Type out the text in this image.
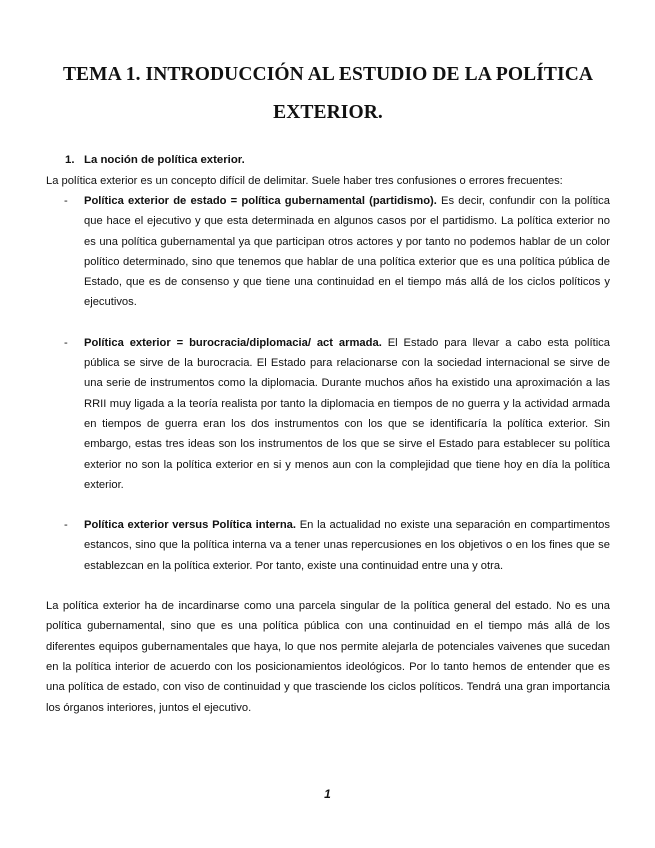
TEMA 1. INTRODUCCIÓN AL ESTUDIO DE LA POLÍTICA EXTERIOR.
1. La noción de política exterior.

La política exterior es un concepto difícil de delimitar. Suele haber tres confusiones o errores frecuentes:

- Política exterior de estado = política gubernamental (partidismo). Es decir, confundir con la política que hace el ejecutivo y que esta determinada en algunos casos por el partidismo. La política exterior no es una política gubernamental ya que participan otros actores y por tanto no podemos hablar de un color político determinado, sino que tenemos que hablar de una política exterior que es una política pública de Estado, que es de consenso y que tiene una continuidad en el tiempo más allá de los ciclos políticos y ejecutivos.
- Política exterior = burocracia/diplomacia/ act armada. El Estado para llevar a cabo esta política pública se sirve de la burocracia. El Estado para relacionarse con la sociedad internacional se sirve de una serie de instrumentos como la diplomacia. Durante muchos años ha existido una aproximación a las RRII muy ligada a la teoría realista por tanto la diplomacia en tiempos de no guerra y la actividad armada en tiempos de guerra eran los dos instrumentos con los que se identificaría la política exterior. Sin embargo, estas tres ideas son los instrumentos de los que se sirve el Estado para establecer su política exterior no son la política exterior en si y menos aun con la complejidad que tiene hoy en día la política exterior.
- Política exterior versus Política interna. En la actualidad no existe una separación en compartimentos estancos, sino que la política interna va a tener unas repercusiones en los objetivos o en los fines que se establezcan en la política exterior. Por tanto, existe una continuidad entre una y otra.

La política exterior ha de incardinarse como una parcela singular de la política general del estado. No es una política gubernamental, sino que es una política pública con una continuidad en el tiempo más allá de los diferentes equipos gubernamentales que haya, lo que nos permite alejarla de potenciales vaivenes que sucedan en la política interior de acuerdo con los posicionamientos ideológicos. Por lo tanto hemos de entender que es una política de estado, con viso de continuidad y que trasciende los ciclos políticos. Tendrá una gran importancia los órganos interiores, juntos el ejecutivo.

1
